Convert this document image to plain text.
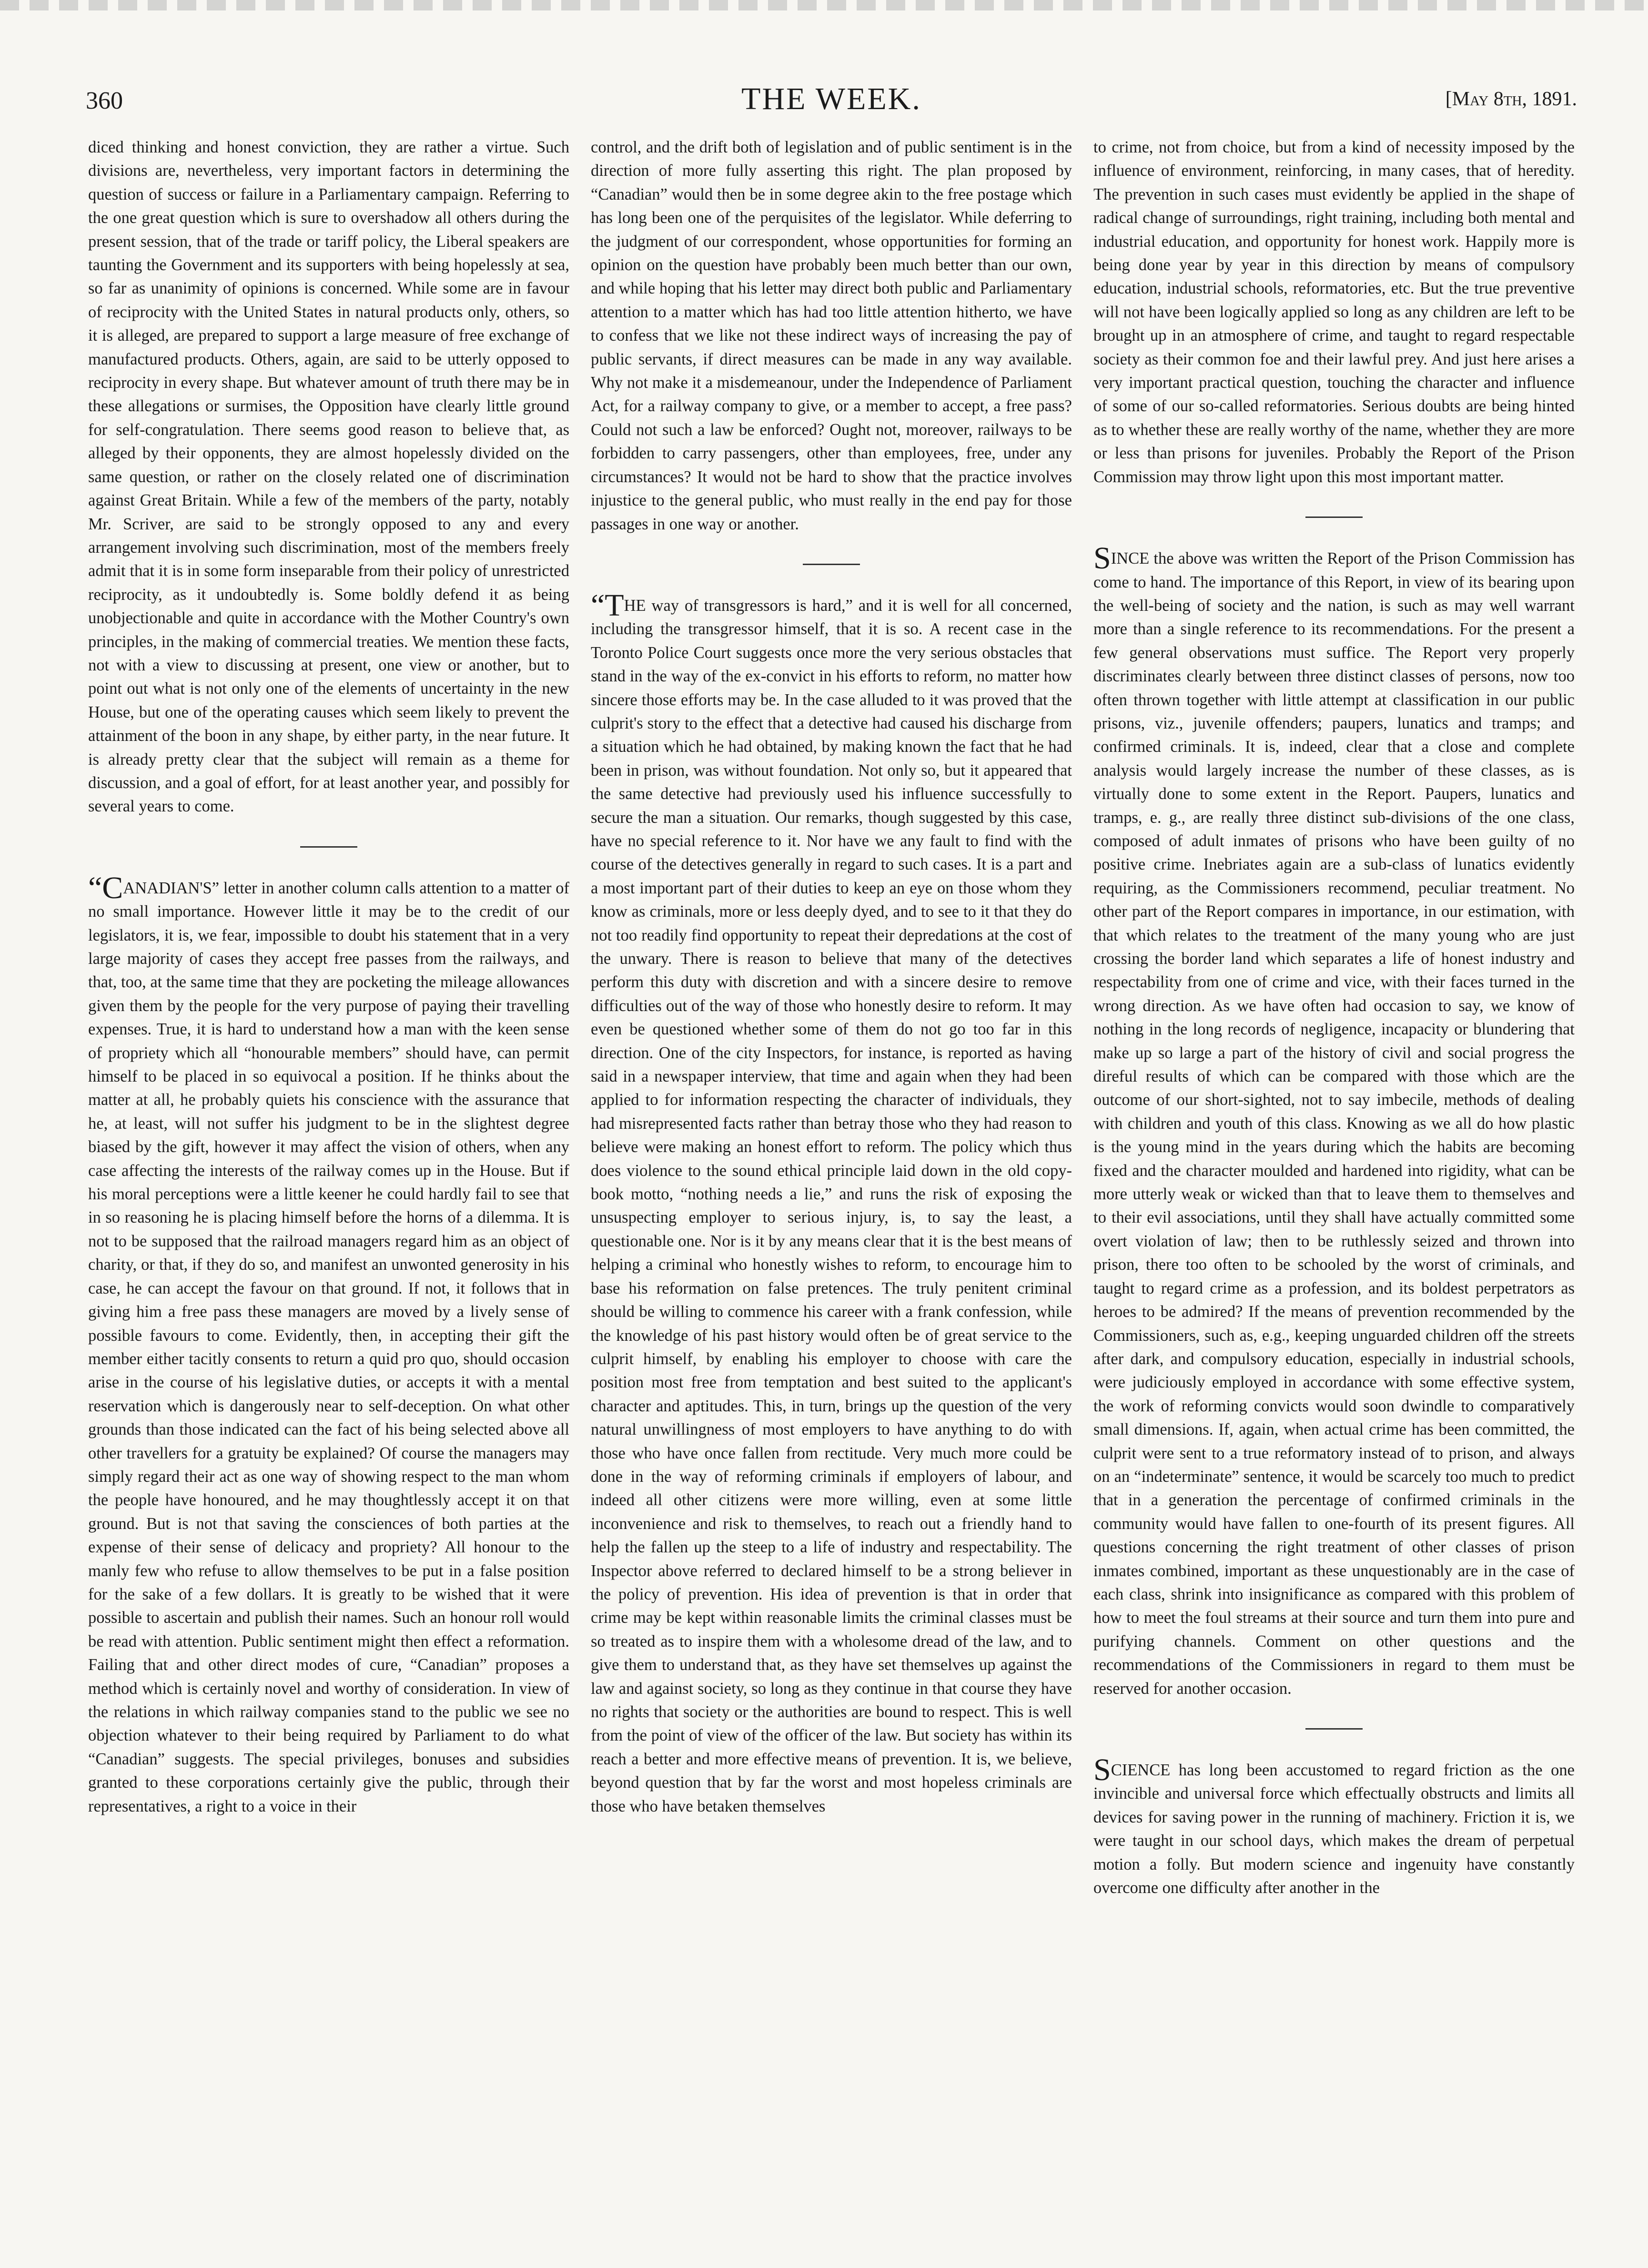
360	THE WEEK.	[May 8th, 1891.

diced thinking and honest conviction, they are rather a virtue. Such divisions are, nevertheless, very important factors in determining the question of success or failure in a Parliamentary campaign. Referring to the one great question which is sure to overshadow all others during the present session, that of the trade or tariff policy, the Liberal speakers are taunting the Government and its supporters with being hopelessly at sea, so far as unanimity of opinions is concerned. While some are in favour of reciprocity with the United States in natural products only, others, so it is alleged, are prepared to support a large measure of free exchange of manufactured products. Others, again, are said to be utterly opposed to reciprocity in every shape. But whatever amount of truth there may be in these allegations or surmises, the Opposition have clearly little ground for self-congratulation. There seems good reason to believe that, as alleged by their opponents, they are almost hopelessly divided on the same question, or rather on the closely related one of discrimination against Great Britain. While a few of the members of the party, notably Mr. Scriver, are said to be strongly opposed to any and every arrangement involving such discrimination, most of the members freely admit that it is in some form inseparable from their policy of unrestricted reciprocity, as it undoubtedly is. Some boldly defend it as being unobjectionable and quite in accordance with the Mother Country's own principles, in the making of commercial treaties. We mention these facts, not with a view to discussing at present, one view or another, but to point out what is not only one of the elements of uncertainty in the new House, but one of the operating causes which seem likely to prevent the attainment of the boon in any shape, by either party, in the near future. It is already pretty clear that the subject will remain as a theme for discussion, and a goal of effort, for at least another year, and possibly for several years to come.

“CANADIAN'S” letter in another column calls attention to a matter of no small importance. However little it may be to the credit of our legislators, it is, we fear, impossible to doubt his statement that in a very large majority of cases they accept free passes from the railways, and that, too, at the same time that they are pocketing the mileage allowances given them by the people for the very purpose of paying their travelling expenses. True, it is hard to understand how a man with the keen sense of propriety which all “honourable members” should have, can permit himself to be placed in so equivocal a position. If he thinks about the matter at all, he probably quiets his conscience with the assurance that he, at least, will not suffer his judgment to be in the slightest degree biased by the gift, however it may affect the vision of others, when any case affecting the interests of the railway comes up in the House. But if his moral perceptions were a little keener he could hardly fail to see that in so reasoning he is placing himself before the horns of a dilemma. It is not to be supposed that the railroad managers regard him as an object of charity, or that, if they do so, and manifest an unwonted generosity in his case, he can accept the favour on that ground. If not, it follows that in giving him a free pass these managers are moved by a lively sense of possible favours to come. Evidently, then, in accepting their gift the member either tacitly consents to return a quid pro quo, should occasion arise in the course of his legislative duties, or accepts it with a mental reservation which is dangerously near to self-deception. On what other grounds than those indicated can the fact of his being selected above all other travellers for a gratuity be explained? Of course the managers may simply regard their act as one way of showing respect to the man whom the people have honoured, and he may thoughtlessly accept it on that ground. But is not that saving the consciences of both parties at the expense of their sense of delicacy and propriety? All honour to the manly few who refuse to allow themselves to be put in a false position for the sake of a few dollars. It is greatly to be wished that it were possible to ascertain and publish their names. Such an honour roll would be read with attention. Public sentiment might then effect a reformation. Failing that and other direct modes of cure, “Canadian” proposes a method which is certainly novel and worthy of consideration. In view of the relations in which railway companies stand to the public we see no objection whatever to their being required by Parliament to do what “Canadian” suggests. The special privileges, bonuses and subsidies granted to these corporations certainly give the public, through their representatives, a right to a voice in their

control, and the drift both of legislation and of public sentiment is in the direction of more fully asserting this right. The plan proposed by “Canadian” would then be in some degree akin to the free postage which has long been one of the perquisites of the legislator. While deferring to the judgment of our correspondent, whose opportunities for forming an opinion on the question have probably been much better than our own, and while hoping that his letter may direct both public and Parliamentary attention to a matter which has had too little attention hitherto, we have to confess that we like not these indirect ways of increasing the pay of public servants, if direct measures can be made in any way available. Why not make it a misdemeanour, under the Independence of Parliament Act, for a railway company to give, or a member to accept, a free pass? Could not such a law be enforced? Ought not, moreover, railways to be forbidden to carry passengers, other than employees, free, under any circumstances? It would not be hard to show that the practice involves injustice to the general public, who must really in the end pay for those passages in one way or another.

“THE way of transgressors is hard,” and it is well for all concerned, including the transgressor himself, that it is so. A recent case in the Toronto Police Court suggests once more the very serious obstacles that stand in the way of the ex-convict in his efforts to reform, no matter how sincere those efforts may be. In the case alluded to it was proved that the culprit's story to the effect that a detective had caused his discharge from a situation which he had obtained, by making known the fact that he had been in prison, was without foundation. Not only so, but it appeared that the same detective had previously used his influence successfully to secure the man a situation. Our remarks, though suggested by this case, have no special reference to it. Nor have we any fault to find with the course of the detectives generally in regard to such cases. It is a part and a most important part of their duties to keep an eye on those whom they know as criminals, more or less deeply dyed, and to see to it that they do not too readily find opportunity to repeat their depredations at the cost of the unwary. There is reason to believe that many of the detectives perform this duty with discretion and with a sincere desire to remove difficulties out of the way of those who honestly desire to reform. It may even be questioned whether some of them do not go too far in this direction. One of the city Inspectors, for instance, is reported as having said in a newspaper interview, that time and again when they had been applied to for information respecting the character of individuals, they had misrepresented facts rather than betray those who they had reason to believe were making an honest effort to reform. The policy which thus does violence to the sound ethical principle laid down in the old copy-book motto, “nothing needs a lie,” and runs the risk of exposing the unsuspecting employer to serious injury, is, to say the least, a questionable one. Nor is it by any means clear that it is the best means of helping a criminal who honestly wishes to reform, to encourage him to base his reformation on false pretences. The truly penitent criminal should be willing to commence his career with a frank confession, while the knowledge of his past history would often be of great service to the culprit himself, by enabling his employer to choose with care the position most free from temptation and best suited to the applicant's character and aptitudes. This, in turn, brings up the question of the very natural unwillingness of most employers to have anything to do with those who have once fallen from rectitude. Very much more could be done in the way of reforming criminals if employers of labour, and indeed all other citizens were more willing, even at some little inconvenience and risk to themselves, to reach out a friendly hand to help the fallen up the steep to a life of industry and respectability. The Inspector above referred to declared himself to be a strong believer in the policy of prevention. His idea of prevention is that in order that crime may be kept within reasonable limits the criminal classes must be so treated as to inspire them with a wholesome dread of the law, and to give them to understand that, as they have set themselves up against the law and against society, so long as they continue in that course they have no rights that society or the authorities are bound to respect. This is well from the point of view of the officer of the law. But society has within its reach a better and more effective means of prevention. It is, we believe, beyond question that by far the worst and most hopeless criminals are those who have betaken themselves

to crime, not from choice, but from a kind of necessity imposed by the influence of environment, reinforcing, in many cases, that of heredity. The prevention in such cases must evidently be applied in the shape of radical change of surroundings, right training, including both mental and industrial education, and opportunity for honest work. Happily more is being done year by year in this direction by means of compulsory education, industrial schools, reformatories, etc. But the true preventive will not have been logically applied so long as any children are left to be brought up in an atmosphere of crime, and taught to regard respectable society as their common foe and their lawful prey. And just here arises a very important practical question, touching the character and influence of some of our so-called reformatories. Serious doubts are being hinted as to whether these are really worthy of the name, whether they are more or less than prisons for juveniles. Probably the Report of the Prison Commission may throw light upon this most important matter.

SINCE the above was written the Report of the Prison Commission has come to hand. The importance of this Report, in view of its bearing upon the well-being of society and the nation, is such as may well warrant more than a single reference to its recommendations. For the present a few general observations must suffice. The Report very properly discriminates clearly between three distinct classes of persons, now too often thrown together with little attempt at classification in our public prisons, viz., juvenile offenders; paupers, lunatics and tramps; and confirmed criminals. It is, indeed, clear that a close and complete analysis would largely increase the number of these classes, as is virtually done to some extent in the Report. Paupers, lunatics and tramps, e. g., are really three distinct sub-divisions of the one class, composed of adult inmates of prisons who have been guilty of no positive crime. Inebriates again are a sub-class of lunatics evidently requiring, as the Commissioners recommend, peculiar treatment. No other part of the Report compares in importance, in our estimation, with that which relates to the treatment of the many young who are just crossing the border land which separates a life of honest industry and respectability from one of crime and vice, with their faces turned in the wrong direction. As we have often had occasion to say, we know of nothing in the long records of negligence, incapacity or blundering that make up so large a part of the history of civil and social progress the direful results of which can be compared with those which are the outcome of our short-sighted, not to say imbecile, methods of dealing with children and youth of this class. Knowing as we all do how plastic is the young mind in the years during which the habits are becoming fixed and the character moulded and hardened into rigidity, what can be more utterly weak or wicked than that to leave them to themselves and to their evil associations, until they shall have actually committed some overt violation of law; then to be ruthlessly seized and thrown into prison, there too often to be schooled by the worst of criminals, and taught to regard crime as a profession, and its boldest perpetrators as heroes to be admired? If the means of prevention recommended by the Commissioners, such as, e.g., keeping unguarded children off the streets after dark, and compulsory education, especially in industrial schools, were judiciously employed in accordance with some effective system, the work of reforming convicts would soon dwindle to comparatively small dimensions. If, again, when actual crime has been committed, the culprit were sent to a true reformatory instead of to prison, and always on an “indeterminate” sentence, it would be scarcely too much to predict that in a generation the percentage of confirmed criminals in the community would have fallen to one-fourth of its present figures. All questions concerning the right treatment of other classes of prison inmates combined, important as these unquestionably are in the case of each class, shrink into insignificance as compared with this problem of how to meet the foul streams at their source and turn them into pure and purifying channels. Comment on other questions and the recommendations of the Commissioners in regard to them must be reserved for another occasion.

SCIENCE has long been accustomed to regard friction as the one invincible and universal force which effectually obstructs and limits all devices for saving power in the running of machinery. Friction it is, we were taught in our school days, which makes the dream of perpetual motion a folly. But modern science and ingenuity have constantly overcome one difficulty after another in the
